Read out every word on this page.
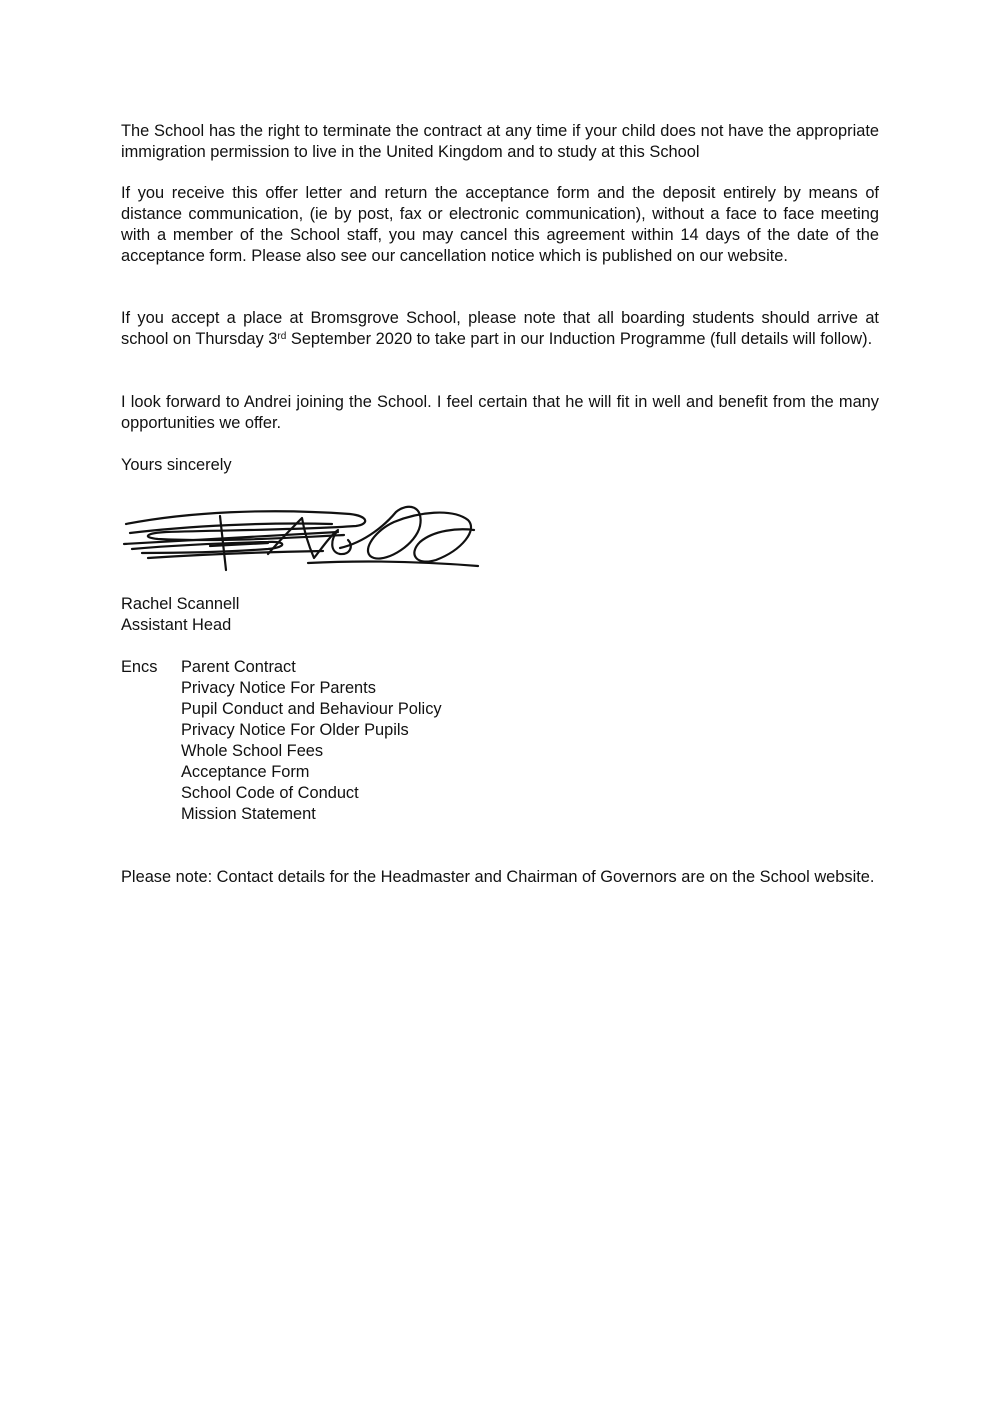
The School has the right to terminate the contract at any time if your child does not have the appropriate immigration permission to live in the United Kingdom and to study at this School

If you receive this offer letter and return the acceptance form and the deposit entirely by means of distance communication, (ie by post, fax or electronic communication), without a face to face meeting with a member of the School staff, you may cancel this agreement within 14 days of the date of the acceptance form. Please also see our cancellation notice which is published on our website.

If you accept a place at Bromsgrove School, please note that all boarding students should arrive at school on Thursday 3rd September 2020 to take part in our Induction Programme (full details will follow).

I look forward to Andrei joining the School. I feel certain that he will fit in well and benefit from the many opportunities we offer.

Yours sincerely

Rachel Scannell
Assistant Head
Encs Parent Contract
Privacy Notice For Parents
Pupil Conduct and Behaviour Policy
Privacy Notice For Older Pupils
Whole School Fees
Acceptance Form
School Code of Conduct
Mission Statement

Please note: Contact details for the Headmaster and Chairman of Governors are on the School website.
